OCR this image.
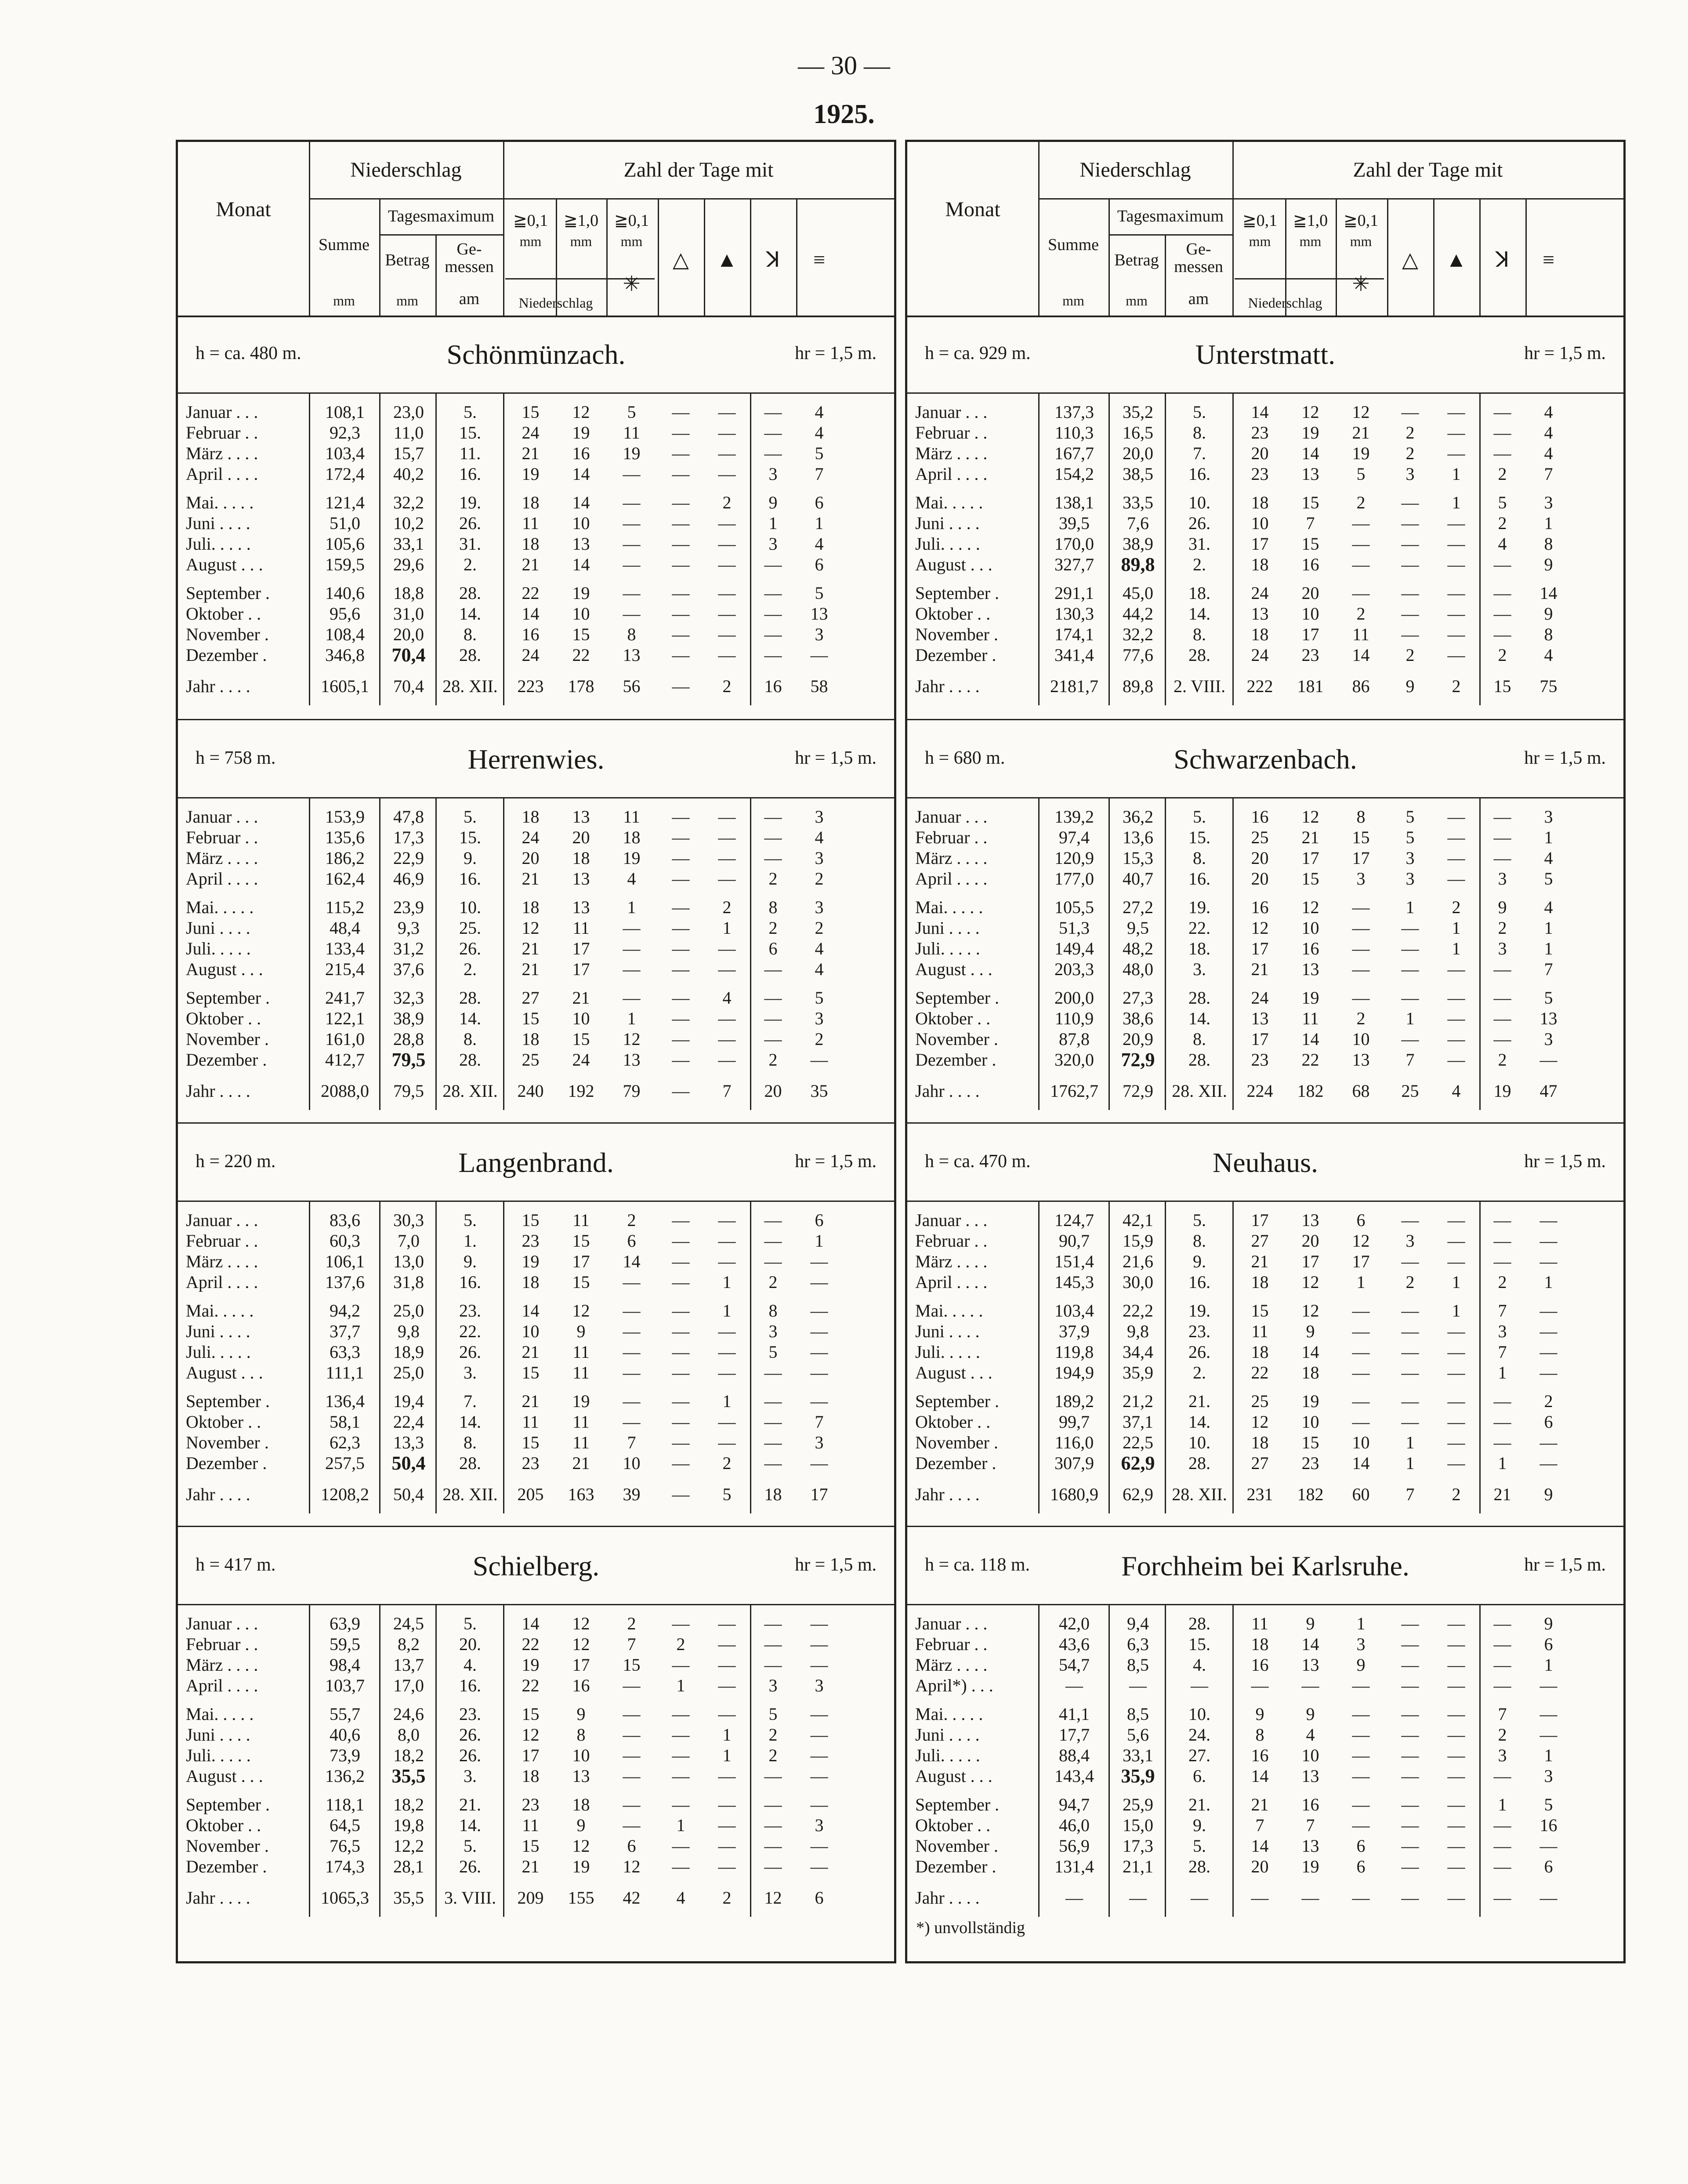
— 30 —
1925.
Monat
Niederschlag	Zahl der Tage mit
Summe
mm
Tagesmaximum
Betrag
mm
Ge-
messen
am
≧0,1
mm
≧1,0
mm
≧0,1
mm
Niederschlag
✳
△	▲	ꓘ	≡
h = ca. 480 m.	Schönmünzach.	hr = 1,5 m.
Januar . . .	108,1	23,0	5.	15	12	5	—	—	—	4
Februar . .	92,3	11,0	15.	24	19	11	—	—	—	4
März . . . .	103,4	15,7	11.	21	16	19	—	—	—	5
April . . . .	172,4	40,2	16.	19	14	—	—	—	3	7
Mai. . . . .	121,4	32,2	19.	18	14	—	—	2	9	6
Juni . . . .	51,0	10,2	26.	11	10	—	—	—	1	1
Juli. . . . .	105,6	33,1	31.	18	13	—	—	—	3	4
August . . .	159,5	29,6	2.	21	14	—	—	—	—	6
September .	140,6	18,8	28.	22	19	—	—	—	—	5
Oktober . .	95,6	31,0	14.	14	10	—	—	—	—	13
November .	108,4	20,0	8.	16	15	8	—	—	—	3
Dezember .	346,8	70,4	28.	24	22	13	—	—	—	—
Jahr . . . .	1605,1	70,4	28. XII.	223	178	56	—	2	16	58
h = 758 m.	Herrenwies.	hr = 1,5 m.
Januar . . .	153,9	47,8	5.	18	13	11	—	—	—	3
Februar . .	135,6	17,3	15.	24	20	18	—	—	—	4
März . . . .	186,2	22,9	9.	20	18	19	—	—	—	3
April . . . .	162,4	46,9	16.	21	13	4	—	—	2	2
Mai. . . . .	115,2	23,9	10.	18	13	1	—	2	8	3
Juni . . . .	48,4	9,3	25.	12	11	—	—	1	2	2
Juli. . . . .	133,4	31,2	26.	21	17	—	—	—	6	4
August . . .	215,4	37,6	2.	21	17	—	—	—	—	4
September .	241,7	32,3	28.	27	21	—	—	4	—	5
Oktober . .	122,1	38,9	14.	15	10	1	—	—	—	3
November .	161,0	28,8	8.	18	15	12	—	—	—	2
Dezember .	412,7	79,5	28.	25	24	13	—	—	2	—
Jahr . . . .	2088,0	79,5	28. XII.	240	192	79	—	7	20	35
h = 220 m.	Langenbrand.	hr = 1,5 m.
Januar . . .	83,6	30,3	5.	15	11	2	—	—	—	6
Februar . .	60,3	7,0	1.	23	15	6	—	—	—	1
März . . . .	106,1	13,0	9.	19	17	14	—	—	—	—
April . . . .	137,6	31,8	16.	18	15	—	—	1	2	—
Mai. . . . .	94,2	25,0	23.	14	12	—	—	1	8	—
Juni . . . .	37,7	9,8	22.	10	9	—	—	—	3	—
Juli. . . . .	63,3	18,9	26.	21	11	—	—	—	5	—
August . . .	111,1	25,0	3.	15	11	—	—	—	—	—
September .	136,4	19,4	7.	21	19	—	—	1	—	—
Oktober . .	58,1	22,4	14.	11	11	—	—	—	—	7
November .	62,3	13,3	8.	15	11	7	—	—	—	3
Dezember .	257,5	50,4	28.	23	21	10	—	2	—	—
Jahr . . . .	1208,2	50,4	28. XII.	205	163	39	—	5	18	17
h = 417 m.	Schielberg.	hr = 1,5 m.
Januar . . .	63,9	24,5	5.	14	12	2	—	—	—	—
Februar . .	59,5	8,2	20.	22	12	7	2	—	—	—
März . . . .	98,4	13,7	4.	19	17	15	—	—	—	—
April . . . .	103,7	17,0	16.	22	16	—	1	—	3	3
Mai. . . . .	55,7	24,6	23.	15	9	—	—	—	5	—
Juni . . . .	40,6	8,0	26.	12	8	—	—	1	2	—
Juli. . . . .	73,9	18,2	26.	17	10	—	—	1	2	—
August . . .	136,2	35,5	3.	18	13	—	—	—	—	—
September .	118,1	18,2	21.	23	18	—	—	—	—	—
Oktober . .	64,5	19,8	14.	11	9	—	1	—	—	3
November .	76,5	12,2	5.	15	12	6	—	—	—	—
Dezember .	174,3	28,1	26.	21	19	12	—	—	—	—
Jahr . . . .	1065,3	35,5	3. VIII.	209	155	42	4	2	12	6
Monat
Niederschlag	Zahl der Tage mit
Summe
mm
Tagesmaximum
Betrag
mm
Ge-
messen
am
≧0,1
mm
≧1,0
mm
≧0,1
mm
Niederschlag
✳
△	▲	ꓘ	≡
h = ca. 929 m.	Unterstmatt.	hr = 1,5 m.
Januar . . .	137,3	35,2	5.	14	12	12	—	—	—	4
Februar . .	110,3	16,5	8.	23	19	21	2	—	—	4
März . . . .	167,7	20,0	7.	20	14	19	2	—	—	4
April . . . .	154,2	38,5	16.	23	13	5	3	1	2	7
Mai. . . . .	138,1	33,5	10.	18	15	2	—	1	5	3
Juni . . . .	39,5	7,6	26.	10	7	—	—	—	2	1
Juli. . . . .	170,0	38,9	31.	17	15	—	—	—	4	8
August . . .	327,7	89,8	2.	18	16	—	—	—	—	9
September .	291,1	45,0	18.	24	20	—	—	—	—	14
Oktober . .	130,3	44,2	14.	13	10	2	—	—	—	9
November .	174,1	32,2	8.	18	17	11	—	—	—	8
Dezember .	341,4	77,6	28.	24	23	14	2	—	2	4
Jahr . . . .	2181,7	89,8	2. VIII.	222	181	86	9	2	15	75
h = 680 m.	Schwarzenbach.	hr = 1,5 m.
Januar . . .	139,2	36,2	5.	16	12	8	5	—	—	3
Februar . .	97,4	13,6	15.	25	21	15	5	—	—	1
März . . . .	120,9	15,3	8.	20	17	17	3	—	—	4
April . . . .	177,0	40,7	16.	20	15	3	3	—	3	5
Mai. . . . .	105,5	27,2	19.	16	12	—	1	2	9	4
Juni . . . .	51,3	9,5	22.	12	10	—	—	1	2	1
Juli. . . . .	149,4	48,2	18.	17	16	—	—	1	3	1
August . . .	203,3	48,0	3.	21	13	—	—	—	—	7
September .	200,0	27,3	28.	24	19	—	—	—	—	5
Oktober . .	110,9	38,6	14.	13	11	2	1	—	—	13
November .	87,8	20,9	8.	17	14	10	—	—	—	3
Dezember .	320,0	72,9	28.	23	22	13	7	—	2	—
Jahr . . . .	1762,7	72,9	28. XII.	224	182	68	25	4	19	47
h = ca. 470 m.	Neuhaus.	hr = 1,5 m.
Januar . . .	124,7	42,1	5.	17	13	6	—	—	—	—
Februar . .	90,7	15,9	8.	27	20	12	3	—	—	—
März . . . .	151,4	21,6	9.	21	17	17	—	—	—	—
April . . . .	145,3	30,0	16.	18	12	1	2	1	2	1
Mai. . . . .	103,4	22,2	19.	15	12	—	—	1	7	—
Juni . . . .	37,9	9,8	23.	11	9	—	—	—	3	—
Juli. . . . .	119,8	34,4	26.	18	14	—	—	—	7	—
August . . .	194,9	35,9	2.	22	18	—	—	—	1	—
September .	189,2	21,2	21.	25	19	—	—	—	—	2
Oktober . .	99,7	37,1	14.	12	10	—	—	—	—	6
November .	116,0	22,5	10.	18	15	10	1	—	—	—
Dezember .	307,9	62,9	28.	27	23	14	1	—	1	—
Jahr . . . .	1680,9	62,9	28. XII.	231	182	60	7	2	21	9
h = ca. 118 m.	Forchheim bei Karlsruhe.	hr = 1,5 m.
Januar . . .	42,0	9,4	28.	11	9	1	—	—	—	9
Februar . .	43,6	6,3	15.	18	14	3	—	—	—	6
März . . . .	54,7	8,5	4.	16	13	9	—	—	—	1
April*) . . .	—	—	—	—	—	—	—	—	—	—
Mai. . . . .	41,1	8,5	10.	9	9	—	—	—	7	—
Juni . . . .	17,7	5,6	24.	8	4	—	—	—	2	—
Juli. . . . .	88,4	33,1	27.	16	10	—	—	—	3	1
August . . .	143,4	35,9	6.	14	13	—	—	—	—	3
September .	94,7	25,9	21.	21	16	—	—	—	1	5
Oktober . .	46,0	15,0	9.	7	7	—	—	—	—	16
November .	56,9	17,3	5.	14	13	6	—	—	—	—
Dezember .	131,4	21,1	28.	20	19	6	—	—	—	6
Jahr . . . .	—	—	—	—	—	—	—	—	—	—
*) unvollständig
